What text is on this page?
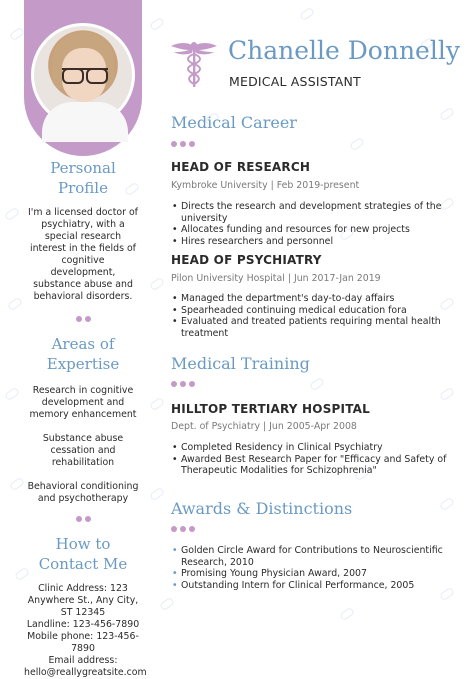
Personal
Profile
I'm a licensed doctor of psychiatry, with a special research interest in the fields of cognitive development, substance abuse and behavioral disorders.
Areas of
Expertise
Research in cognitive development and memory enhancement
Substance abuse cessation and rehabilitation
Behavioral conditioning and psychotherapy
How to
Contact Me
Clinic Address: 123 Anywhere St., Any City, ST 12345
Landline: 123-456-7890
Mobile phone: 123-456-7890
Email address:
hello@reallygreatsite.com
Chanelle Donnelly
MEDICAL ASSISTANT
Medical Career
HEAD OF RESEARCH
Kymbroke University | Feb 2019-present
• Directs the research and development strategies of the university
• Allocates funding and resources for new projects
• Hires researchers and personnel
HEAD OF PSYCHIATRY
Pilon University Hospital | Jun 2017-Jan 2019
• Managed the department's day-to-day affairs
• Spearheaded continuing medical education fora
• Evaluated and treated patients requiring mental health treatment
Medical Training
HILLTOP TERTIARY HOSPITAL
Dept. of Psychiatry | Jun 2005-Apr 2008
• Completed Residency in Clinical Psychiatry
• Awarded Best Research Paper for "Efficacy and Safety of Therapeutic Modalities for Schizophrenia"
Awards & Distinctions
• Golden Circle Award for Contributions to Neuroscientific Research, 2010
• Promising Young Physician Award, 2007
• Outstanding Intern for Clinical Performance, 2005
